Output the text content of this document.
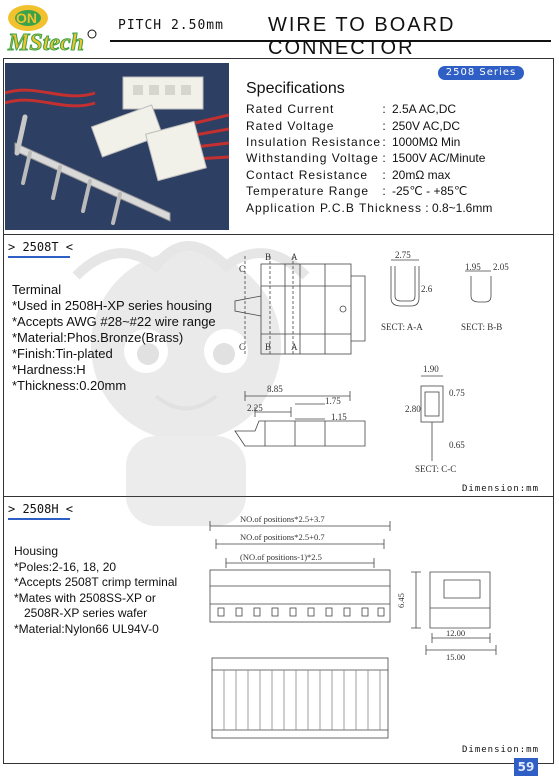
ON
MStech
PITCH 2.50mm WIRE TO BOARD CONNECTOR
2508 Series
Specifications
Rated Current	: 2.5A AC,DC
Rated Voltage	: 250V AC,DC
Insulation Resistance : 1000MΩ Min
Withstanding Voltage : 1500V AC/Minute
Contact Resistance	: 20mΩ max
Temperature Range	: -25℃ - +85℃
Application P.C.B Thickness : 0.8~1.6mm
> 2508T <
Terminal
*Used in 2508H-XP series housing
*Accepts AWG #28~#22 wire range
*Material:Phos.Bronze(Brass)
*Finish:Tin-plated
*Hardness:H
*Thickness:0.20mm
C
B A
C B A
2.75
2.6
1.95 2.05
1.90
0.75
2.80
0.65
8.85
1.75
2.25
1.15
SECT: A-A	SECT: B-B
SECT: C-C
Dimension:mm
> 2508H <
Housing
*Poles:2-16, 18, 20
*Accepts 2508T crimp terminal
*Mates with 2508SS-XP or
2508R-XP series wafer
*Material:Nylon66 UL94V-0
NO.of positions*2.5+3.7
NO.of positions*2.5+0.7
(NO.of positions-1)*2.5
6.45
12.00
15.00
Dimension:mm
59
